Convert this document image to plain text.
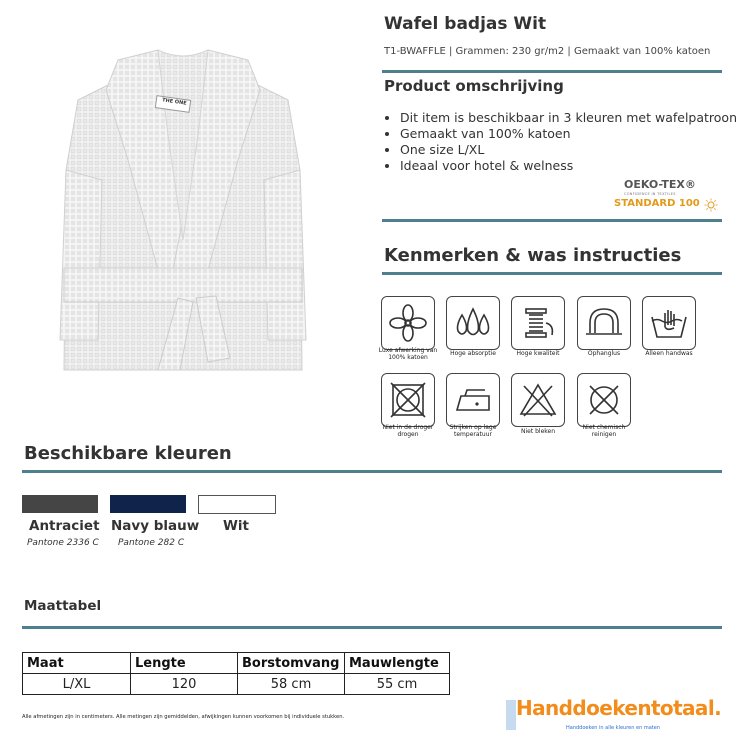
THE ONE
Wafel badjas Wit
T1-BWAFFLE | Grammen: 230 gr/m2 | Gemaakt van 100% katoen
Product omschrijving
• Dit item is beschikbaar in 3 kleuren met wafelpatroon
• Gemaakt van 100% katoen
• One size L/XL
• Ideaal voor hotel & welness
OEKO-TEX®
CONFIDENCE IN TEXTILES
STANDARD 100
Kenmerken & was instructies
Luxe afwerking van 100% katoen
Hoge absorptie	Hoge kwaliteit	Ophanglus	Alleen handwas
Niet in de droger drogen
Strijken op lage temperatuur	Niet bleken
Niet chemisch reinigen
Beschikbare kleuren
Antraciet Navy blauw Wit
Pantone 2336 C Pantone 282 C
Maattabel
Maat	Lengte	Borstomvang	Mauwlengte
L/XL	120	58 cm	55 cm
Alle afmetingen zijn in centimeters. Alle metingen zijn gemiddelden, afwijkingen kunnen voorkomen bij individuele stukken.	Handdoekentotaal.
Handdoeken in alle kleuren en maten
